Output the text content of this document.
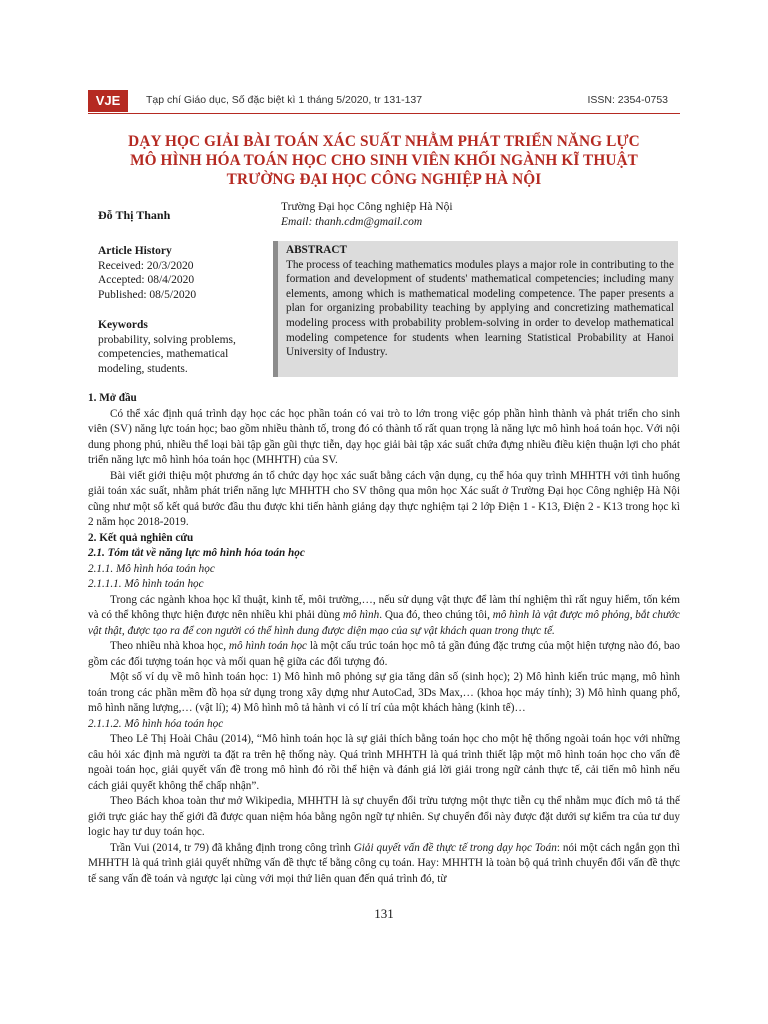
VJE	Tạp chí Giáo dục, Số đặc biệt kì 1 tháng 5/2020, tr 131-137	ISSN: 2354-0753
DẠY HỌC GIẢI BÀI TOÁN XÁC SUẤT NHẰM PHÁT TRIỂN NĂNG LỰC
MÔ HÌNH HÓA TOÁN HỌC CHO SINH VIÊN KHỐI NGÀNH KĨ THUẬT
TRƯỜNG ĐẠI HỌC CÔNG NGHIỆP HÀ NỘI
Đỗ Thị Thanh
Trường Đại học Công nghiệp Hà Nội
Email: thanh.cdm@gmail.com
Article History
Received: 20/3/2020
Accepted: 08/4/2020
Published: 08/5/2020
Keywords
probability, solving problems, competencies, mathematical modeling, students.
ABSTRACT
The process of teaching mathematics modules plays a major role in contributing to the formation and development of students' mathematical competencies; including many elements, among which is mathematical modeling competence. The paper presents a plan for organizing probability teaching by applying and concretizing mathematical modeling process with probability problem-solving in order to develop mathematical modeling competence for students when learning Statistical Probability at Hanoi University of Industry.

1. Mở đầu

Có thể xác định quá trình dạy học các học phần toán có vai trò to lớn trong việc góp phần hình thành và phát triển cho sinh viên (SV) năng lực toán học; bao gồm nhiều thành tố, trong đó có thành tố rất quan trọng là năng lực mô hình hoá toán học. Với nội dung phong phú, nhiều thể loại bài tập gần gũi thực tiễn, dạy học giải bài tập xác suất chứa đựng nhiều điều kiện thuận lợi cho phát triển năng lực mô hình hóa toán học (MHHTH) của SV.

Bài viết giới thiệu một phương án tổ chức dạy học xác suất bằng cách vận dụng, cụ thể hóa quy trình MHHTH với tình huống giải toán xác suất, nhằm phát triển năng lực MHHTH cho SV thông qua môn học Xác suất ở Trường Đại học Công nghiệp Hà Nội cũng như một số kết quả bước đầu thu được khi tiến hành giảng dạy thực nghiệm tại 2 lớp Điện 1 - K13, Điện 2 - K13 trong học kì 2 năm học 2018-2019.

2. Kết quả nghiên cứu

2.1. Tóm tắt về năng lực mô hình hóa toán học

2.1.1. Mô hình hóa toán học

2.1.1.1. Mô hình toán học

Trong các ngành khoa học kĩ thuật, kinh tế, môi trường,…, nếu sử dụng vật thực để làm thí nghiệm thì rất nguy hiểm, tốn kém và có thể không thực hiện được nên nhiều khi phải dùng mô hình. Qua đó, theo chúng tôi, mô hình là vật được mô phỏng, bắt chước vật thật, được tạo ra để con người có thể hình dung được diện mạo của sự vật khách quan trong thực tế.

Theo nhiều nhà khoa học, mô hình toán học là một cấu trúc toán học mô tả gần đúng đặc trưng của một hiện tượng nào đó, bao gồm các đối tượng toán học và mối quan hệ giữa các đối tượng đó.

Một số ví dụ về mô hình toán học: 1) Mô hình mô phỏng sự gia tăng dân số (sinh học); 2) Mô hình kiến trúc mạng, mô hình toán trong các phần mềm đồ họa sử dụng trong xây dựng như AutoCad, 3Ds Max,… (khoa học máy tính); 3) Mô hình quang phổ, mô hình năng lượng,… (vật lí); 4) Mô hình mô tả hành vi có lí trí của một khách hàng (kinh tế)…

2.1.1.2. Mô hình hóa toán học

Theo Lê Thị Hoài Châu (2014), “Mô hình toán học là sự giải thích bằng toán học cho một hệ thống ngoài toán học với những câu hỏi xác định mà người ta đặt ra trên hệ thống này. Quá trình MHHTH là quá trình thiết lập một mô hình toán học cho vấn đề ngoài toán học, giải quyết vấn đề trong mô hình đó rồi thể hiện và đánh giá lời giải trong ngữ cảnh thực tế, cải tiến mô hình nếu cách giải quyết không thể chấp nhận”.

Theo Bách khoa toàn thư mở Wikipedia, MHHTH là sự chuyển đổi trừu tượng một thực tiễn cụ thể nhằm mục đích mô tả thế giới trực giác hay thế giới đã được quan niệm hóa bằng ngôn ngữ tự nhiên. Sự chuyển đổi này được đặt dưới sự kiểm tra của tư duy logic hay tư duy toán học.

Trần Vui (2014, tr 79) đã khẳng định trong công trình Giải quyết vấn đề thực tế trong dạy học Toán: nói một cách ngắn gọn thì MHHTH là quá trình giải quyết những vấn đề thực tế bằng công cụ toán. Hay: MHHTH là toàn bộ quá trình chuyển đổi vấn đề thực tế sang vấn đề toán và ngược lại cùng với mọi thứ liên quan đến quá trình đó, từ

131
